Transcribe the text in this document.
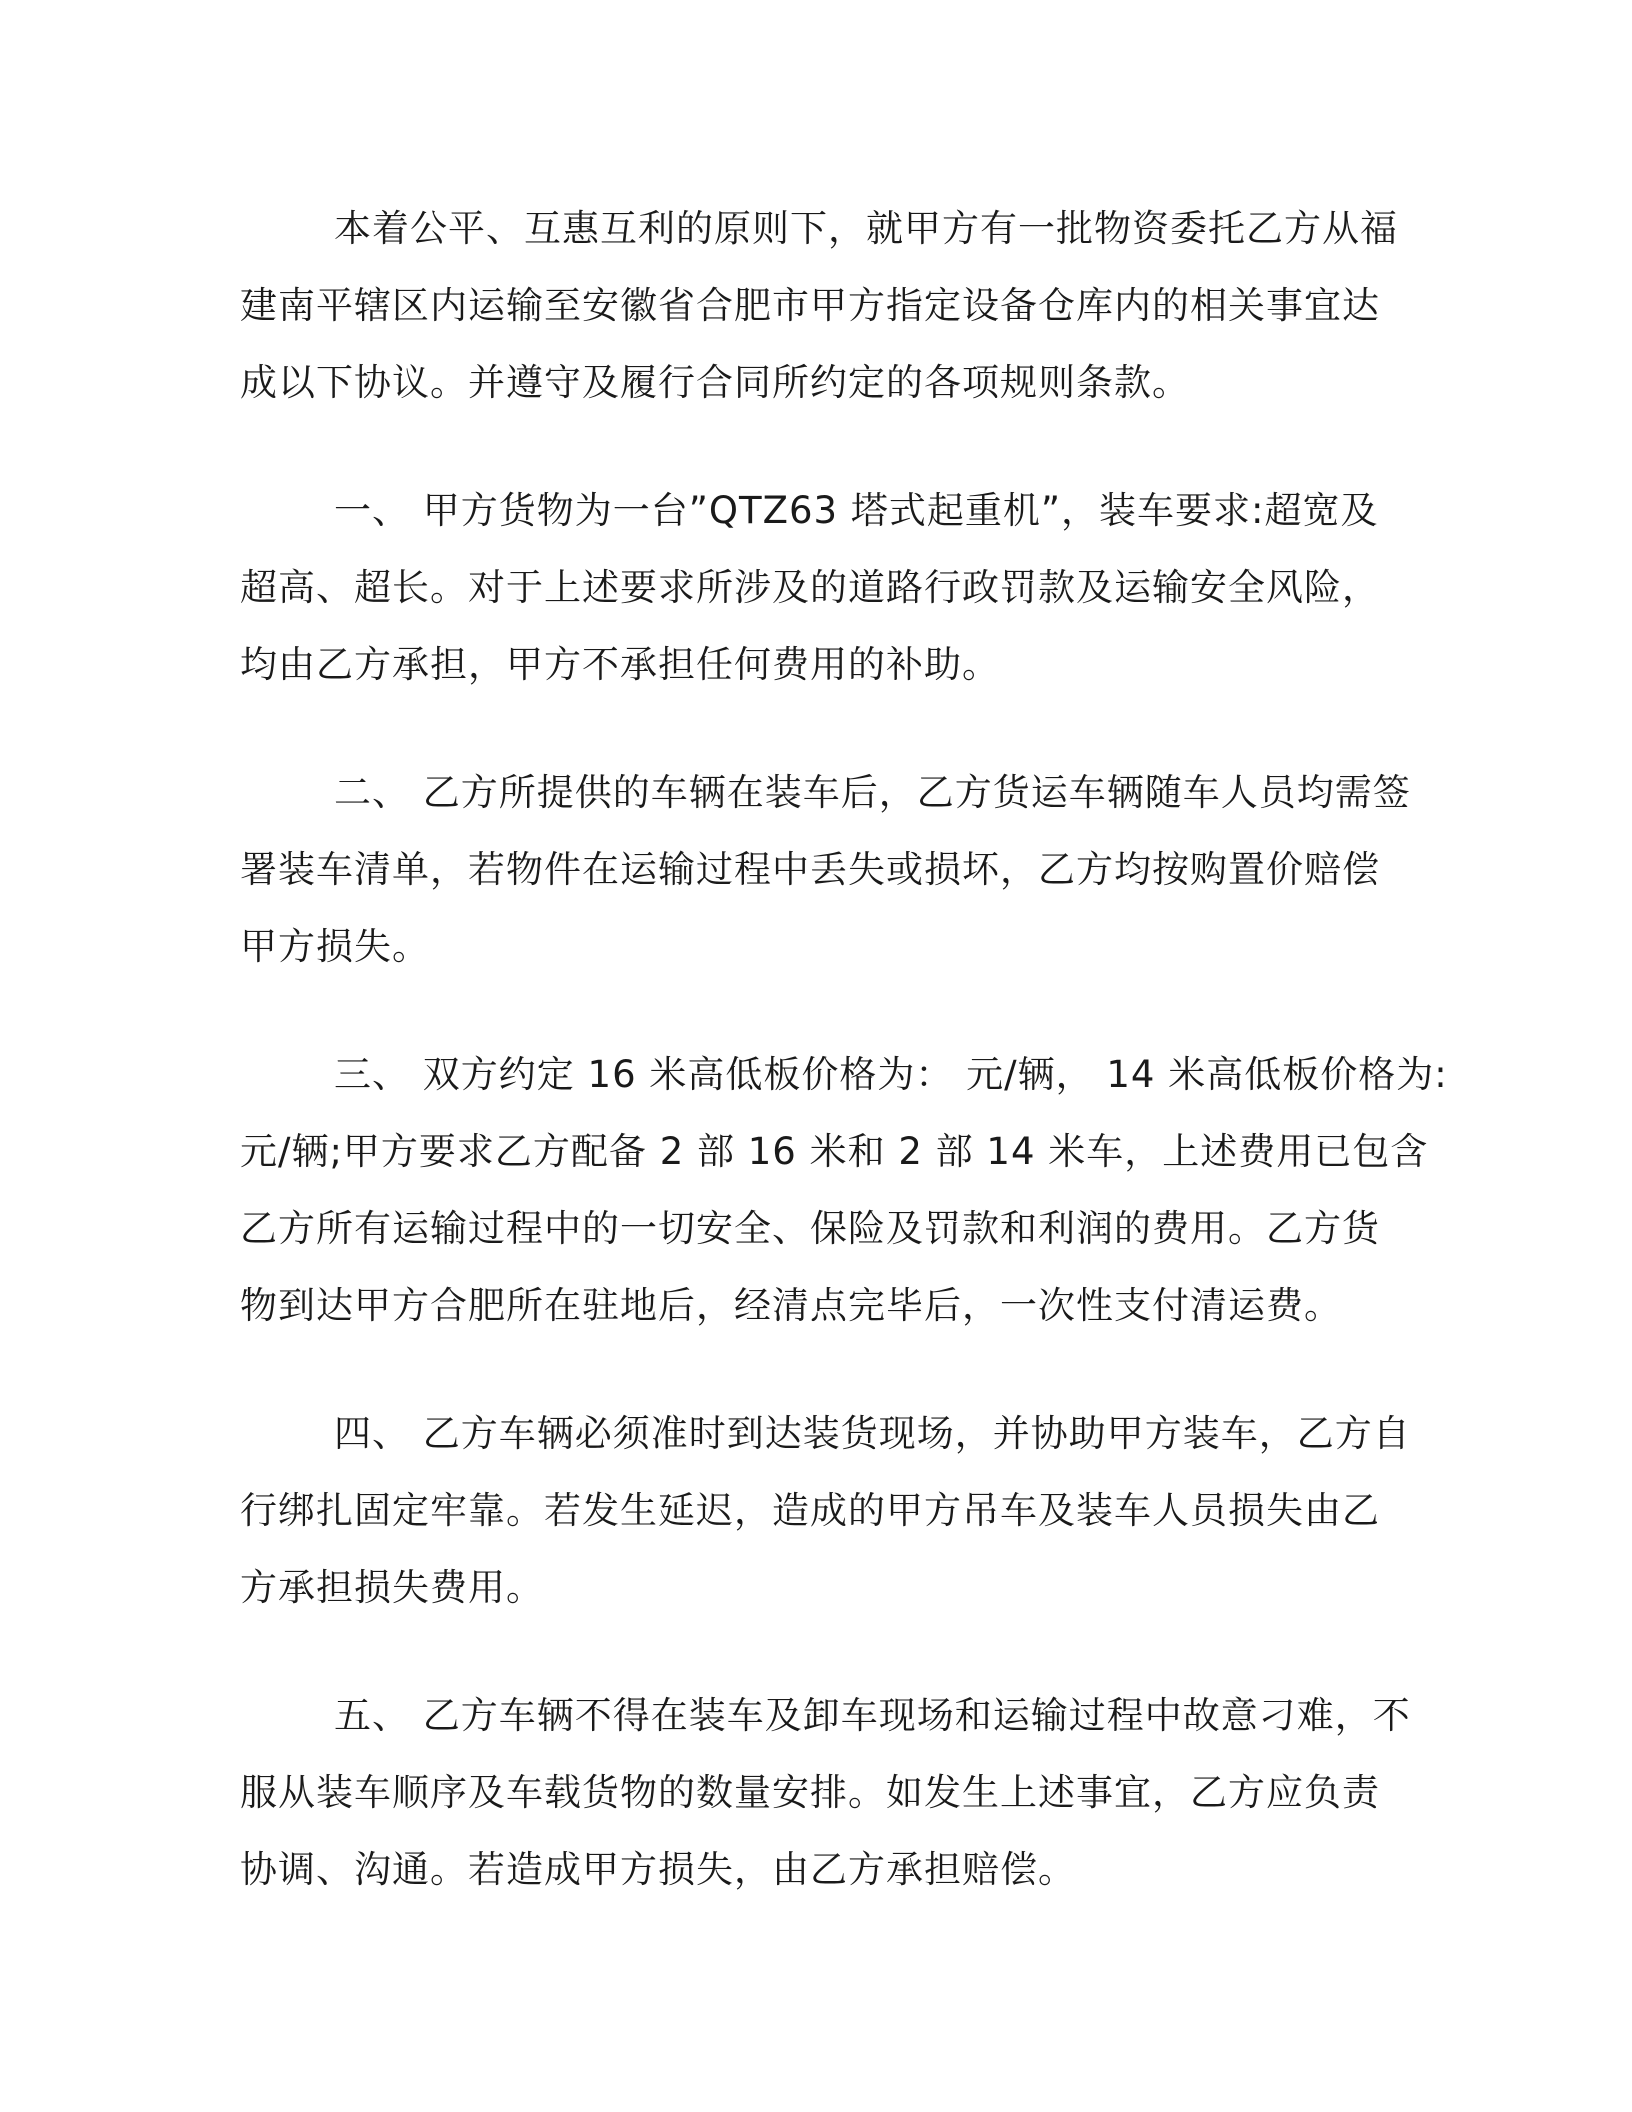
本着公平、互惠互利的原则下，就甲方有一批物资委托乙方从福
建南平辖区内运输至安徽省合肥市甲方指定设备仓库内的相关事宜达
成以下协议。并遵守及履行合同所约定的各项规则条款。

一、 甲方货物为一台”QTZ63 塔式起重机”，装车要求:超宽及
超高、超长。对于上述要求所涉及的道路行政罚款及运输安全风险，
均由乙方承担，甲方不承担任何费用的补助。

二、 乙方所提供的车辆在装车后，乙方货运车辆随车人员均需签
署装车清单，若物件在运输过程中丢失或损坏，乙方均按购置价赔偿
甲方损失。

三、 双方约定 16 米高低板价格为： 元/辆， 14 米高低板价格为:
元/辆;甲方要求乙方配备 2 部 16 米和 2 部 14 米车，上述费用已包含
乙方所有运输过程中的一切安全、保险及罚款和利润的费用。乙方货
物到达甲方合肥所在驻地后，经清点完毕后，一次性支付清运费。

四、 乙方车辆必须准时到达装货现场，并协助甲方装车，乙方自
行绑扎固定牢靠。若发生延迟，造成的甲方吊车及装车人员损失由乙
方承担损失费用。

五、 乙方车辆不得在装车及卸车现场和运输过程中故意刁难，不
服从装车顺序及车载货物的数量安排。如发生上述事宜，乙方应负责
协调、沟通。若造成甲方损失，由乙方承担赔偿。
